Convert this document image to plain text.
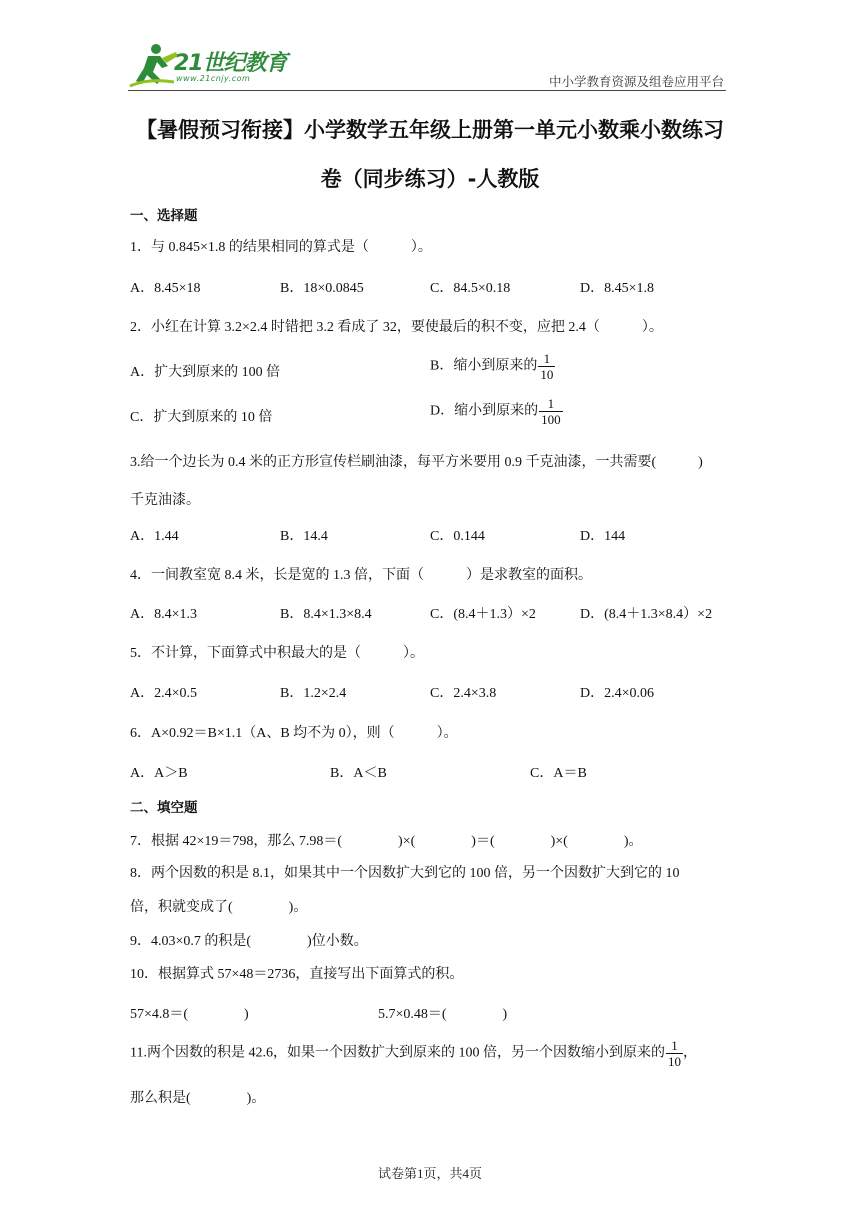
21世纪教育
www.21cnjy.com	中小学教育资源及组卷应用平台
【暑假预习衔接】小学数学五年级上册第一单元小数乘小数练习
卷（同步练习）-人教版
一、选择题
1．与 0.845×1.8 的结果相同的算式是（　　　）。
A．8.45×18	B．18×0.0845	C．84.5×0.18	D．8.45×1.8
2．小红在计算 3.2×2.4 时错把 3.2 看成了 32，要使最后的积不变，应把 2.4（　　　）。
A．扩大到原来的 100 倍	B．缩小到原来的 $\frac{1}{10}$
C．扩大到原来的 10 倍	D．缩小到原来的 $\frac{1}{100}$
3.给一个边长为 0.4 米的正方形宣传栏刷油漆，每平方米要用 0.9 千克油漆，一共需要(　　　)
千克油漆。
A．1.44	B．14.4	C．0.144	D．144
4．一间教室宽 8.4 米，长是宽的 1.3 倍，下面（　　　）是求教室的面积。
A．8.4×1.3	B．8.4×1.3×8.4	C．(8.4＋1.3）×2	D．(8.4＋1.3×8.4）×2
5．不计算，下面算式中积最大的是（　　　）。
A．2.4×0.5	B．1.2×2.4	C．2.4×3.8	D．2.4×0.06
6．A×0.92＝B×1.1（A、B 均不为 0），则（　　　）。
A．A＞B	B．A＜B	C．A＝B
二、填空题
7．根据 42×19＝798，那么 7.98＝(　　　　)×(　　　　)＝(　　　　)×(　　　　)。
8．两个因数的积是 8.1，如果其中一个因数扩大到它的 100 倍，另一个因数扩大到它的 10
倍，积就变成了(　　　　)。
9．4.03×0.7 的积是(　　　　)位小数。
10．根据算式 57×48＝2736，直接写出下面算式的积。
57×4.8＝(　　　　)	5.7×0.48＝(　　　　)
11.两个因数的积是 42.6，如果一个因数扩大到原来的 100 倍，另一个因数缩小到原来的 $\frac{1}{10}$ ，
那么积是(　　　　)。
试卷第1页，共4页
